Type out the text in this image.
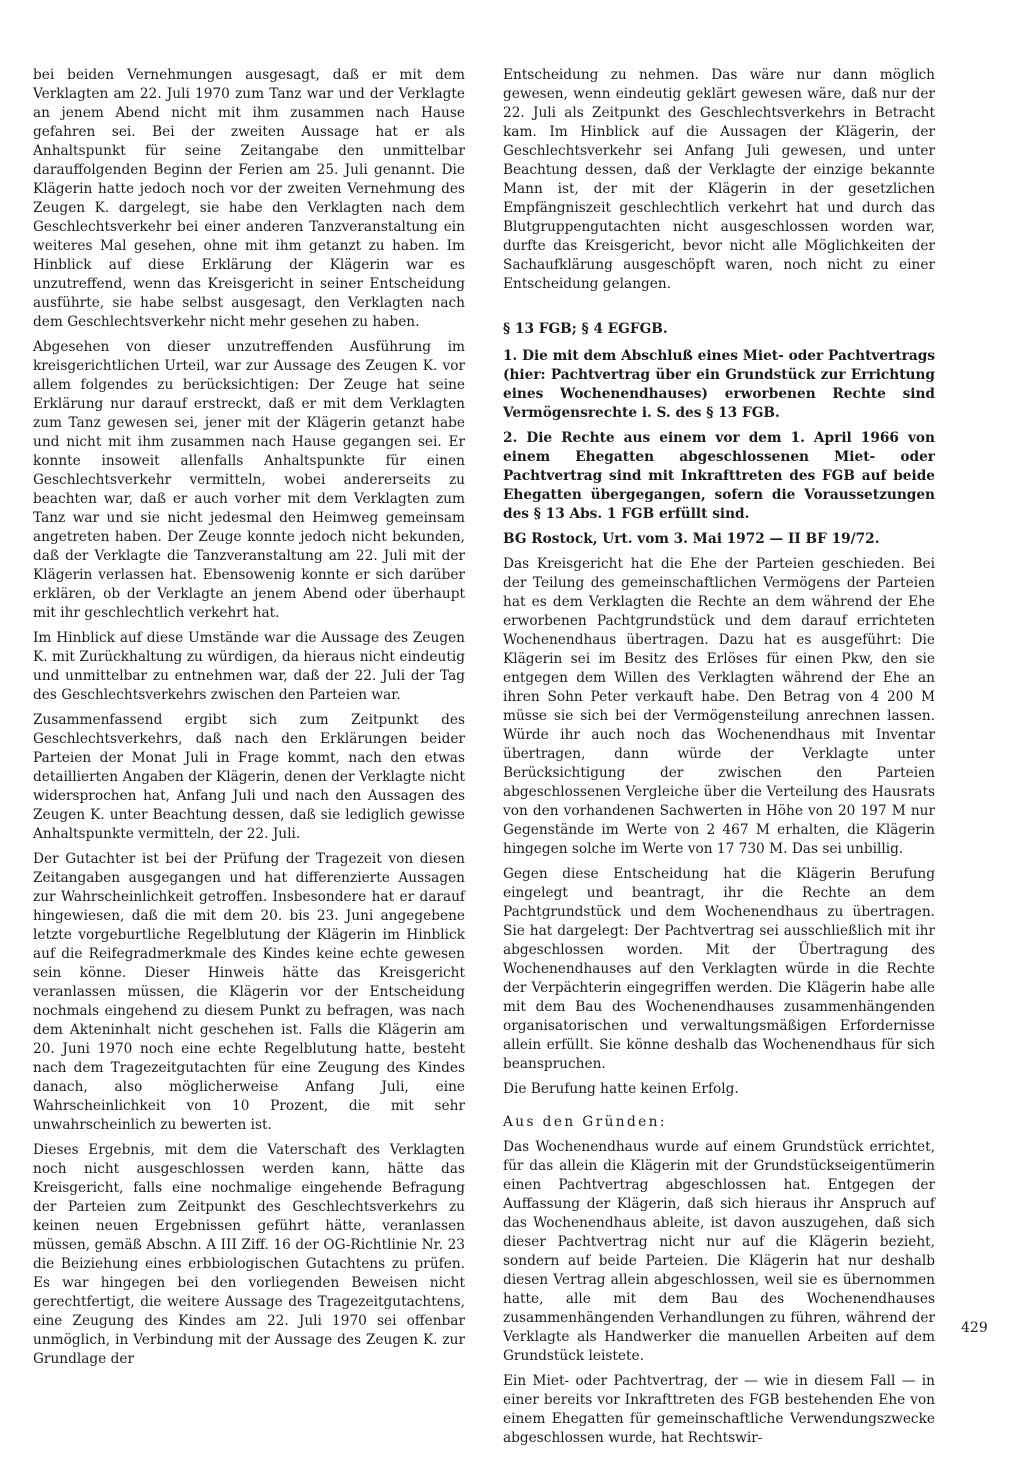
bei beiden Vernehmungen ausgesagt, daß er mit dem Verklagten am 22. Juli 1970 zum Tanz war und der Verklagte an jenem Abend nicht mit ihm zusammen nach Hause gefahren sei. Bei der zweiten Aussage hat er als Anhaltspunkt für seine Zeitangabe den unmittelbar darauffolgenden Beginn der Ferien am 25. Juli genannt. Die Klägerin hatte jedoch noch vor der zweiten Vernehmung des Zeugen K. dargelegt, sie habe den Verklagten nach dem Geschlechtsverkehr bei einer anderen Tanzveranstaltung ein weiteres Mal gesehen, ohne mit ihm getanzt zu haben. Im Hinblick auf diese Erklärung der Klägerin war es unzutreffend, wenn das Kreisgericht in seiner Entscheidung ausführte, sie habe selbst ausgesagt, den Verklagten nach dem Geschlechtsverkehr nicht mehr gesehen zu haben.

Abgesehen von dieser unzutreffenden Ausführung im kreisgerichtlichen Urteil, war zur Aussage des Zeugen K. vor allem folgendes zu berücksichtigen: Der Zeuge hat seine Erklärung nur darauf erstreckt, daß er mit dem Verklagten zum Tanz gewesen sei, jener mit der Klägerin getanzt habe und nicht mit ihm zusammen nach Hause gegangen sei. Er konnte insoweit allenfalls Anhaltspunkte für einen Geschlechtsverkehr vermitteln, wobei andererseits zu beachten war, daß er auch vorher mit dem Verklagten zum Tanz war und sie nicht jedesmal den Heimweg gemeinsam angetreten haben. Der Zeuge konnte jedoch nicht bekunden, daß der Verklagte die Tanzveranstaltung am 22. Juli mit der Klägerin verlassen hat. Ebensowenig konnte er sich darüber erklären, ob der Verklagte an jenem Abend oder überhaupt mit ihr geschlechtlich verkehrt hat.

Im Hinblick auf diese Umstände war die Aussage des Zeugen K. mit Zurückhaltung zu würdigen, da hieraus nicht eindeutig und unmittelbar zu entnehmen war, daß der 22. Juli der Tag des Geschlechtsverkehrs zwischen den Parteien war.

Zusammenfassend ergibt sich zum Zeitpunkt des Geschlechtsverkehrs, daß nach den Erklärungen beider Parteien der Monat Juli in Frage kommt, nach den etwas detaillierten Angaben der Klägerin, denen der Verklagte nicht widersprochen hat, Anfang Juli und nach den Aussagen des Zeugen K. unter Beachtung dessen, daß sie lediglich gewisse Anhaltspunkte vermitteln, der 22. Juli.

Der Gutachter ist bei der Prüfung der Tragezeit von diesen Zeitangaben ausgegangen und hat differenzierte Aussagen zur Wahrscheinlichkeit getroffen. Insbesondere hat er darauf hingewiesen, daß die mit dem 20. bis 23. Juni angegebene letzte vorgeburtliche Regelblutung der Klägerin im Hinblick auf die Reifegradmerkmale des Kindes keine echte gewesen sein könne. Dieser Hinweis hätte das Kreisgericht veranlassen müssen, die Klägerin vor der Entscheidung nochmals eingehend zu diesem Punkt zu befragen, was nach dem Akteninhalt nicht geschehen ist. Falls die Klägerin am 20. Juni 1970 noch eine echte Regelblutung hatte, besteht nach dem Tragezeitgutachten für eine Zeugung des Kindes danach, also möglicherweise Anfang Juli, eine Wahrscheinlichkeit von 10 Prozent, die mit sehr unwahrscheinlich zu bewerten ist.

Dieses Ergebnis, mit dem die Vaterschaft des Verklagten noch nicht ausgeschlossen werden kann, hätte das Kreisgericht, falls eine nochmalige eingehende Befragung der Parteien zum Zeitpunkt des Geschlechtsverkehrs zu keinen neuen Ergebnissen geführt hätte, veranlassen müssen, gemäß Abschn. A III Ziff. 16 der OG-Richtlinie Nr. 23 die Beiziehung eines erbbiologischen Gutachtens zu prüfen. Es war hingegen bei den vorliegenden Beweisen nicht gerechtfertigt, die weitere Aussage des Tragezeitgutachtens, eine Zeugung des Kindes am 22. Juli 1970 sei offenbar unmöglich, in Verbindung mit der Aussage des Zeugen K. zur Grundlage der

Entscheidung zu nehmen. Das wäre nur dann möglich gewesen, wenn eindeutig geklärt gewesen wäre, daß nur der 22. Juli als Zeitpunkt des Geschlechtsverkehrs in Betracht kam. Im Hinblick auf die Aussagen der Klägerin, der Geschlechtsverkehr sei Anfang Juli gewesen, und unter Beachtung dessen, daß der Verklagte der einzige bekannte Mann ist, der mit der Klägerin in der gesetzlichen Empfängniszeit geschlechtlich verkehrt hat und durch das Blutgruppengutachten nicht ausgeschlossen worden war, durfte das Kreisgericht, bevor nicht alle Möglichkeiten der Sachaufklärung ausgeschöpft waren, noch nicht zu einer Entscheidung gelangen.

§ 13 FGB; § 4 EGFGB.

1. Die mit dem Abschluß eines Miet- oder Pachtvertrags (hier: Pachtvertrag über ein Grundstück zur Errichtung eines Wochenendhauses) erworbenen Rechte sind Vermögensrechte i. S. des § 13 FGB.

2. Die Rechte aus einem vor dem 1. April 1966 von einem Ehegatten abgeschlossenen Miet- oder Pachtvertrag sind mit Inkrafttreten des FGB auf beide Ehegatten übergegangen, sofern die Voraussetzungen des § 13 Abs. 1 FGB erfüllt sind.

BG Rostock, Urt. vom 3. Mai 1972 — II BF 19/72.

Das Kreisgericht hat die Ehe der Parteien geschieden. Bei der Teilung des gemeinschaftlichen Vermögens der Parteien hat es dem Verklagten die Rechte an dem während der Ehe erworbenen Pachtgrundstück und dem darauf errichteten Wochenendhaus übertragen. Dazu hat es ausgeführt: Die Klägerin sei im Besitz des Erlöses für einen Pkw, den sie entgegen dem Willen des Verklagten während der Ehe an ihren Sohn Peter verkauft habe. Den Betrag von 4 200 M müsse sie sich bei der Vermögensteilung anrechnen lassen. Würde ihr auch noch das Wochenendhaus mit Inventar übertragen, dann würde der Verklagte unter Berücksichtigung der zwischen den Parteien abgeschlossenen Vergleiche über die Verteilung des Hausrats von den vorhandenen Sachwerten in Höhe von 20 197 M nur Gegenstände im Werte von 2 467 M erhalten, die Klägerin hingegen solche im Werte von 17 730 M. Das sei unbillig.

Gegen diese Entscheidung hat die Klägerin Berufung eingelegt und beantragt, ihr die Rechte an dem Pachtgrundstück und dem Wochenendhaus zu übertragen. Sie hat dargelegt: Der Pachtvertrag sei ausschließlich mit ihr abgeschlossen worden. Mit der Übertragung des Wochenendhauses auf den Verklagten würde in die Rechte der Verpächterin eingegriffen werden. Die Klägerin habe alle mit dem Bau des Wochenendhauses zusammenhängenden organisatorischen und verwaltungsmäßigen Erfordernisse allein erfüllt. Sie könne deshalb das Wochenendhaus für sich beanspruchen.

Die Berufung hatte keinen Erfolg.

Aus den Gründen:

Das Wochenendhaus wurde auf einem Grundstück errichtet, für das allein die Klägerin mit der Grundstückseigentümerin einen Pachtvertrag abgeschlossen hat. Entgegen der Auffassung der Klägerin, daß sich hieraus ihr Anspruch auf das Wochenendhaus ableite, ist davon auszugehen, daß sich dieser Pachtvertrag nicht nur auf die Klägerin bezieht, sondern auf beide Parteien. Die Klägerin hat nur deshalb diesen Vertrag allein abgeschlossen, weil sie es übernommen hatte, alle mit dem Bau des Wochenendhauses zusammenhängenden Verhandlungen zu führen, während der Verklagte als Handwerker die manuellen Arbeiten auf dem Grundstück leistete.

Ein Miet- oder Pachtvertrag, der — wie in diesem Fall — in einer bereits vor Inkrafttreten des FGB bestehenden Ehe von einem Ehegatten für gemeinschaftliche Verwendungszwecke abgeschlossen wurde, hat Rechtswir-

429
